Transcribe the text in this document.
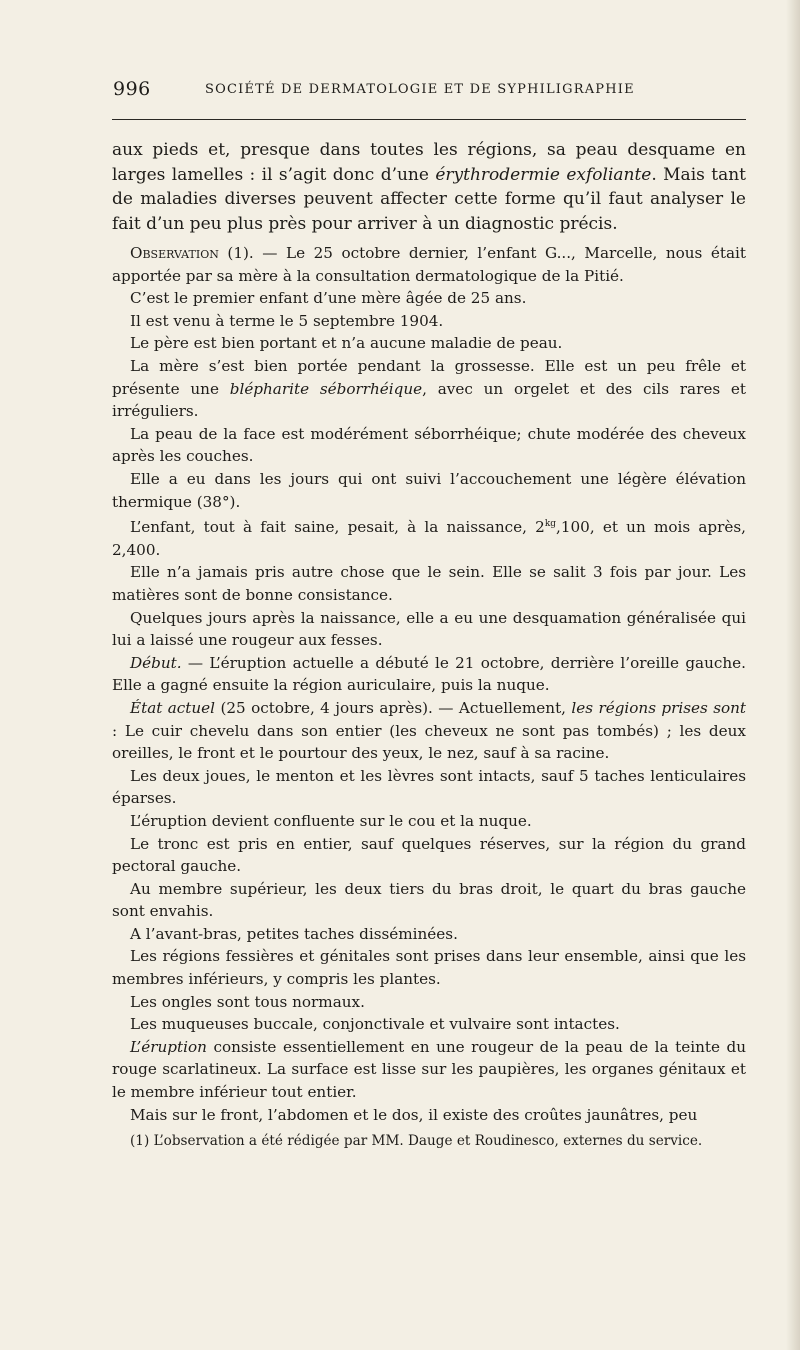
996	SOCIÉTÉ DE DERMATOLOGIE ET DE SYPHILIGRAPHIE

aux pieds et, presque dans toutes les régions, sa peau desquame en larges lamelles : il s’agit donc d’une érythrodermie exfoliante. Mais tant de maladies diverses peuvent affecter cette forme qu’il faut analyser le fait d’un peu plus près pour arriver à un diagnostic précis.

Observation (1). — Le 25 octobre dernier, l’enfant G..., Marcelle, nous était apportée par sa mère à la consultation dermatologique de la Pitié.

C’est le premier enfant d’une mère âgée de 25 ans.

Il est venu à terme le 5 septembre 1904.

Le père est bien portant et n’a aucune maladie de peau.

La mère s’est bien portée pendant la grossesse. Elle est un peu frêle et présente une blépharite séborrhéique, avec un orgelet et des cils rares et irréguliers.

La peau de la face est modérément séborrhéique; chute modérée des cheveux après les couches.

Elle a eu dans les jours qui ont suivi l’accouchement une légère élévation thermique (38°).

L’enfant, tout à fait saine, pesait, à la naissance, $2^{kg},100$, et un mois après, 2,400.

Elle n’a jamais pris autre chose que le sein. Elle se salit 3 fois par jour. Les matières sont de bonne consistance.

Quelques jours après la naissance, elle a eu une desquamation généralisée qui lui a laissé une rougeur aux fesses.

Début. — L’éruption actuelle a débuté le 21 octobre, derrière l’oreille gauche. Elle a gagné ensuite la région auriculaire, puis la nuque.

État actuel (25 octobre, 4 jours après). — Actuellement, les régions prises sont : Le cuir chevelu dans son entier (les cheveux ne sont pas tombés) ; les deux oreilles, le front et le pourtour des yeux, le nez, sauf à sa racine.

Les deux joues, le menton et les lèvres sont intacts, sauf 5 taches lenticulaires éparses.

L’éruption devient confluente sur le cou et la nuque.

Le tronc est pris en entier, sauf quelques réserves, sur la région du grand pectoral gauche.

Au membre supérieur, les deux tiers du bras droit, le quart du bras gauche sont envahis.

A l’avant-bras, petites taches disséminées.

Les régions fessières et génitales sont prises dans leur ensemble, ainsi que les membres inférieurs, y compris les plantes.

Les ongles sont tous normaux.

Les muqueuses buccale, conjonctivale et vulvaire sont intactes.

L’éruption consiste essentiellement en une rougeur de la peau de la teinte du rouge scarlatineux. La surface est lisse sur les paupières, les organes génitaux et le membre inférieur tout entier.

Mais sur le front, l’abdomen et le dos, il existe des croûtes jaunâtres, peu

(1) L’observation a été rédigée par MM. Dauge et Roudinesco, externes du service.
